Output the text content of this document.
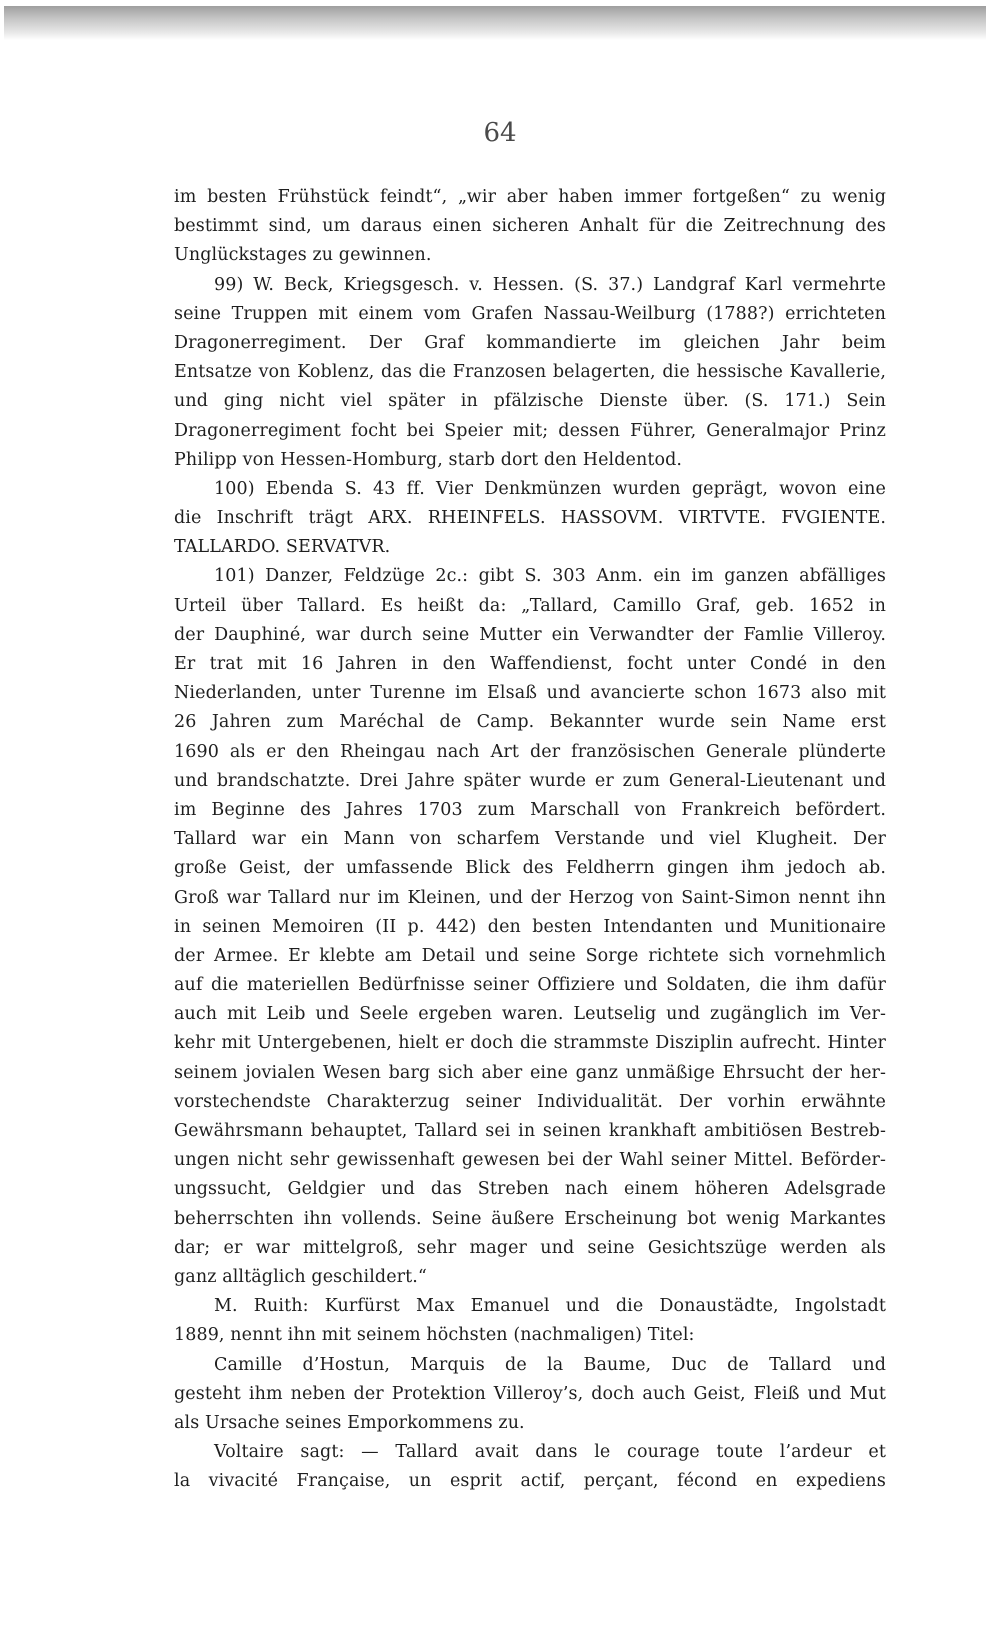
64
im besten Frühstück feindt“, „wir aber haben immer fortgeßen“ zu wenig
bestimmt sind, um daraus einen sicheren Anhalt für die Zeitrechnung des
Unglückstages zu gewinnen.
99) W. Beck, Kriegsgesch. v. Hessen. (S. 37.) Landgraf Karl vermehrte
seine Truppen mit einem vom Grafen Nassau-Weilburg (1788?) errichteten
Dragonerregiment. Der Graf kommandierte im gleichen Jahr beim
Entsatze von Koblenz, das die Franzosen belagerten, die hessische Kavallerie,
und ging nicht viel später in pfälzische Dienste über. (S. 171.) Sein
Dragonerregiment focht bei Speier mit; dessen Führer, Generalmajor Prinz
Philipp von Hessen-Homburg, starb dort den Heldentod.
100) Ebenda S. 43 ff. Vier Denkmünzen wurden geprägt, wovon eine
die Inschrift trägt ARX. RHEINFELS. HASSOVM. VIRTVTE. FVGIENTE.
TALLARDO. SERVATVR.
101) Danzer, Feldzüge 2c.: gibt S. 303 Anm. ein im ganzen abfälliges
Urteil über Tallard. Es heißt da: „Tallard, Camillo Graf, geb. 1652 in
der Dauphiné, war durch seine Mutter ein Verwandter der Famlie Villeroy.
Er trat mit 16 Jahren in den Waffendienst, focht unter Condé in den
Niederlanden, unter Turenne im Elsaß und avancierte schon 1673 also mit
26 Jahren zum Maréchal de Camp. Bekannter wurde sein Name erst
1690 als er den Rheingau nach Art der französischen Generale plünderte
und brandschatzte. Drei Jahre später wurde er zum General-Lieutenant und
im Beginne des Jahres 1703 zum Marschall von Frankreich befördert.
Tallard war ein Mann von scharfem Verstande und viel Klugheit. Der
große Geist, der umfassende Blick des Feldherrn gingen ihm jedoch ab.
Groß war Tallard nur im Kleinen, und der Herzog von Saint-Simon nennt ihn
in seinen Memoiren (II p. 442) den besten Intendanten und Munitionaire
der Armee. Er klebte am Detail und seine Sorge richtete sich vornehmlich
auf die materiellen Bedürfnisse seiner Offiziere und Soldaten, die ihm dafür
auch mit Leib und Seele ergeben waren. Leutselig und zugänglich im Ver-
kehr mit Untergebenen, hielt er doch die strammste Disziplin aufrecht. Hinter
seinem jovialen Wesen barg sich aber eine ganz unmäßige Ehrsucht der her-
vorstechendste Charakterzug seiner Individualität. Der vorhin erwähnte
Gewährsmann behauptet, Tallard sei in seinen krankhaft ambitiösen Bestreb-
ungen nicht sehr gewissenhaft gewesen bei der Wahl seiner Mittel. Beförder-
ungssucht, Geldgier und das Streben nach einem höheren Adelsgrade
beherrschten ihn vollends. Seine äußere Erscheinung bot wenig Markantes
dar; er war mittelgroß, sehr mager und seine Gesichtszüge werden als
ganz alltäglich geschildert.“
M. Ruith: Kurfürst Max Emanuel und die Donaustädte, Ingolstadt
1889, nennt ihn mit seinem höchsten (nachmaligen) Titel:
Camille d’Hostun, Marquis de la Baume, Duc de Tallard und
gesteht ihm neben der Protektion Villeroy’s, doch auch Geist, Fleiß und Mut
als Ursache seines Emporkommens zu.
Voltaire sagt: — Tallard avait dans le courage toute l’ardeur et
la vivacité Française, un esprit actif, perçant, fécond en expediens
